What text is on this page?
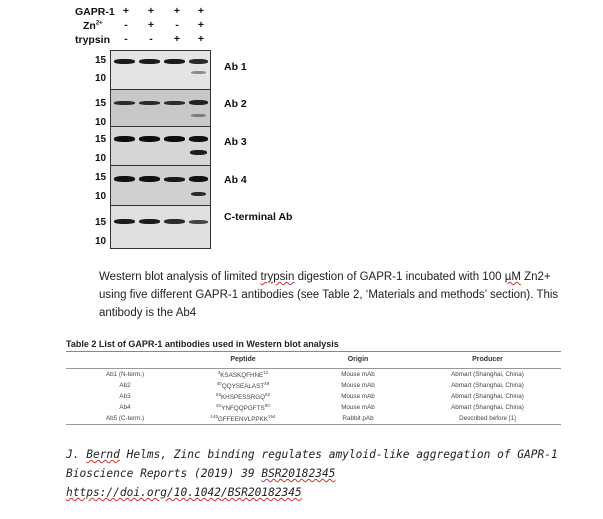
GAPR-1 +	+	+	+
$Zn^{2+}$	-	+	-	+
trypsin	-	-	+	+
15
10
Ab 1
15
10
Ab 2
15
10
Ab 3
15
10
Ab 4
15
10
C-terminal Ab
Western blot analysis of limited trypsin digestion of GAPR-1 incubated with 100 µM Zn2+ using five different GAPR-1 antibodies (see Table 2, ‘Materials and methods’ section). This antibody is the Ab4
Table 2 List of GAPR-1 antibodies used in Western blot analysis
	Peptide	Origin	Producer
Ab1 (N-term.)	$^3$KSASKQFHNE$^{12}$	Mouse mAb	Abmart (Shanghai, China)
Ab2	$^{40}$QQYSEALAST$^{49}$	Mouse mAb	Abmart (Shanghai, China)
Ab3	$^{53}$KHSPESSRGQ$^{62}$	Mouse mAb	Abmart (Shanghai, China)
Ab4	$^{81}$YNFQQPGFTS$^{90}$	Mouse mAb	Abmart (Shanghai, China)
Ab5 (C-term.)	$^{145}$GFFEENVLPPKK$^{154}$	Rabbit pAb	Described before [1]
J. Bernd Helms, Zinc binding regulates amyloid-like aggregation of GAPR-1
Bioscience Reports (2019) 39 BSR20182345
https://doi.org/10.1042/BSR20182345
